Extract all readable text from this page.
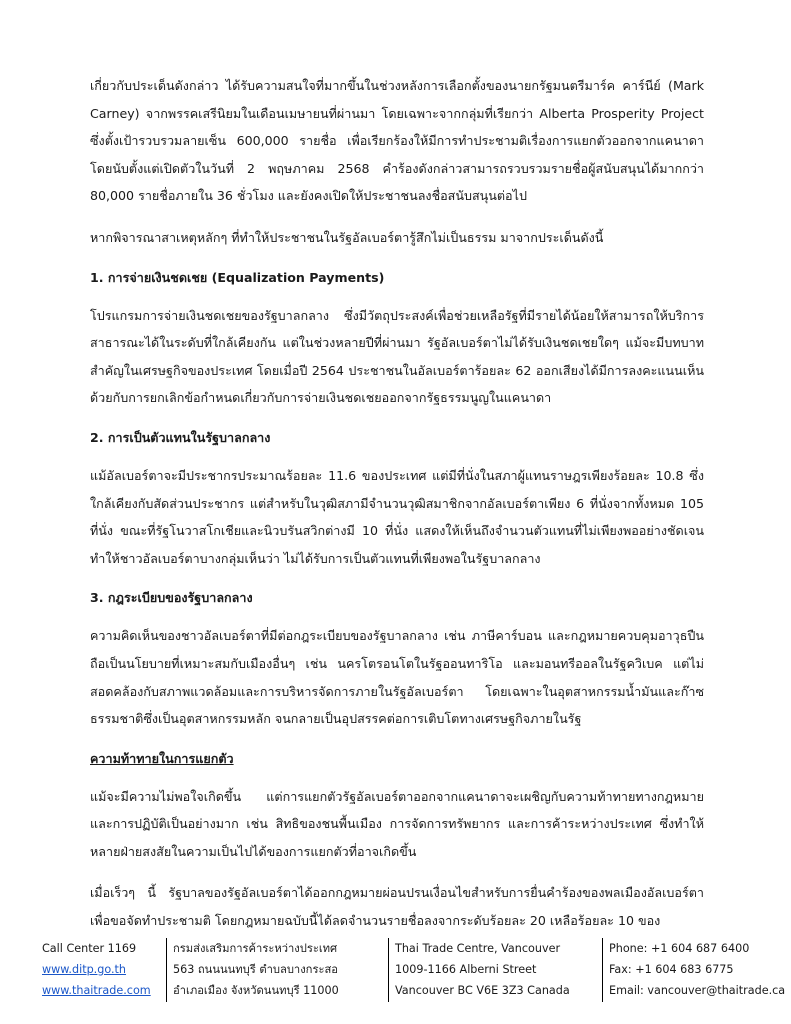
เกี่ยวกับประเด็นดังกล่าว ได้รับความสนใจที่มากขึ้นในช่วงหลังการเลือกตั้งของนายกรัฐมนตรีมาร์ค คาร์นีย์ (Mark Carney) จากพรรคเสรีนิยมในเดือนเมษายนที่ผ่านมา โดยเฉพาะจากกลุ่มที่เรียกว่า Alberta Prosperity Project ซึ่งตั้งเป้ารวบรวมลายเซ็น 600,000 รายชื่อ เพื่อเรียกร้องให้มีการทำประชามติเรื่องการแยกตัวออกจากแคนาดา โดยนับตั้งแต่เปิดตัวในวันที่ 2 พฤษภาคม 2568 คำร้องดังกล่าวสามารถรวบรวมรายชื่อผู้สนับสนุนได้มากกว่า 80,000 รายชื่อภายใน 36 ชั่วโมง และยังคงเปิดให้ประชาชนลงชื่อสนับสนุนต่อไป

หากพิจารณาสาเหตุหลักๆ ที่ทำให้ประชาชนในรัฐอัลเบอร์ตารู้สึกไม่เป็นธรรม มาจากประเด็นดังนี้

1. การจ่ายเงินชดเชย (Equalization Payments)

โปรแกรมการจ่ายเงินชดเชยของรัฐบาลกลาง ซึ่งมีวัตถุประสงค์เพื่อช่วยเหลือรัฐที่มีรายได้น้อยให้สามารถให้บริการสาธารณะได้ในระดับที่ใกล้เคียงกัน แต่ในช่วงหลายปีที่ผ่านมา รัฐอัลเบอร์ตาไม่ได้รับเงินชดเชยใดๆ แม้จะมีบทบาทสำคัญในเศรษฐกิจของประเทศ โดยเมื่อปี 2564 ประชาชนในอัลเบอร์ตาร้อยละ 62 ออกเสียงได้มีการลงคะแนนเห็นด้วยกับการยกเลิกข้อกำหนดเกี่ยวกับการจ่ายเงินชดเชยออกจากรัฐธรรมนูญในแคนาดา

2. การเป็นตัวแทนในรัฐบาลกลาง

แม้อัลเบอร์ตาจะมีประชากรประมาณร้อยละ 11.6 ของประเทศ แต่มีที่นั่งในสภาผู้แทนราษฎรเพียงร้อยละ 10.8 ซึ่งใกล้เคียงกับสัดส่วนประชากร แต่สำหรับในวุฒิสภามีจำนวนวุฒิสมาชิกจากอัลเบอร์ตาเพียง 6 ที่นั่งจากทั้งหมด 105 ที่นั่ง ขณะที่รัฐโนวาสโกเชียและนิวบรันสวิกต่างมี 10 ที่นั่ง แสดงให้เห็นถึงจำนวนตัวแทนที่ไม่เพียงพออย่างชัดเจน ทำให้ชาวอัลเบอร์ตาบางกลุ่มเห็นว่า ไม่ได้รับการเป็นตัวแทนที่เพียงพอในรัฐบาลกลาง

3. กฎระเบียบของรัฐบาลกลาง

ความคิดเห็นของชาวอัลเบอร์ตาที่มีต่อกฎระเบียบของรัฐบาลกลาง เช่น ภาษีคาร์บอน และกฎหมายควบคุมอาวุธปืน ถือเป็นนโยบายที่เหมาะสมกับเมืองอื่นๆ เช่น นครโตรอนโตในรัฐออนทาริโอ และมอนทรีออลในรัฐควิเบค แต่ไม่สอดคล้องกับสภาพแวดล้อมและการบริหารจัดการภายในรัฐอัลเบอร์ตา โดยเฉพาะในอุตสาหกรรมน้ำมันและก๊าซธรรมชาติซึ่งเป็นอุตสาหกรรมหลัก จนกลายเป็นอุปสรรคต่อการเติบโตทางเศรษฐกิจภายในรัฐ

ความท้าทายในการแยกตัว

แม้จะมีความไม่พอใจเกิดขึ้น แต่การแยกตัวรัฐอัลเบอร์ตาออกจากแคนาดาจะเผชิญกับความท้าทายทางกฎหมายและการปฏิบัติเป็นอย่างมาก เช่น สิทธิของชนพื้นเมือง การจัดการทรัพยากร และการค้าระหว่างประเทศ ซึ่งทำให้หลายฝ่ายสงสัยในความเป็นไปได้ของการแยกตัวที่อาจเกิดขึ้น

เมื่อเร็วๆ นี้ รัฐบาลของรัฐอัลเบอร์ตาได้ออกกฎหมายผ่อนปรนเงื่อนไขสำหรับการยื่นคำร้องของพลเมืองอัลเบอร์ตาเพื่อขอจัดทำประชามติ โดยกฎหมายฉบับนี้ได้ลดจำนวนรายชื่อลงจากระดับร้อยละ 20 เหลือร้อยละ 10 ของ

Call Center 1169
www.ditp.go.th
www.thaitrade.com
กรมส่งเสริมการค้าระหว่างประเทศ
563 ถนนนนทบุรี ตำบลบางกระสอ
อำเภอเมือง จังหวัดนนทบุรี 11000
Thai Trade Centre, Vancouver
1009-1166 Alberni Street
Vancouver BC V6E 3Z3 Canada
Phone: +1 604 687 6400
Fax: +1 604 683 6775
Email: vancouver@thaitrade.ca
